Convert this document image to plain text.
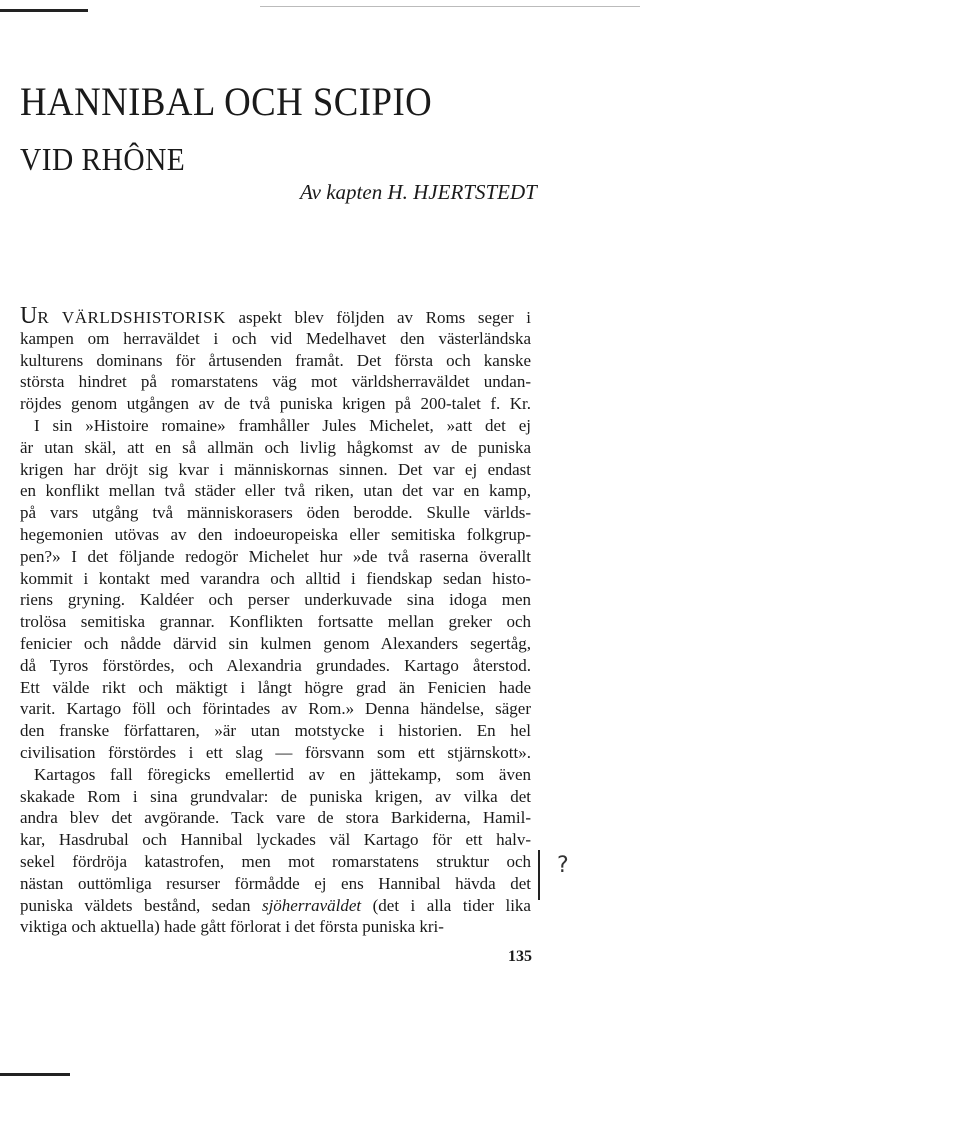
HANNIBAL OCH SCIPIO
VID RHÔNE
Av kapten H. HJERTSTEDT
UR VÄRLDSHISTORISK aspekt blev följden av Roms seger i
kampen om herraväldet i och vid Medelhavet den västerländska
kulturens dominans för årtusenden framåt. Det första och kanske
största hindret på romarstatens väg mot världsherraväldet undan-
röjdes genom utgången av de två puniska krigen på 200-talet f. Kr.
I sin »Histoire romaine» framhåller Jules Michelet, »att det ej
är utan skäl, att en så allmän och livlig hågkomst av de puniska
krigen har dröjt sig kvar i människornas sinnen. Det var ej endast
en konflikt mellan två städer eller två riken, utan det var en kamp,
på vars utgång två människorasers öden berodde. Skulle världs-
hegemonien utövas av den indoeuropeiska eller semitiska folkgrup-
pen?» I det följande redogör Michelet hur »de två raserna överallt
kommit i kontakt med varandra och alltid i fiendskap sedan histo-
riens gryning. Kaldéer och perser underkuvade sina idoga men
trolösa semitiska grannar. Konflikten fortsatte mellan greker och
fenicier och nådde därvid sin kulmen genom Alexanders segertåg,
då Tyros förstördes, och Alexandria grundades. Kartago återstod.
Ett välde rikt och mäktigt i långt högre grad än Fenicien hade
varit. Kartago föll och förintades av Rom.» Denna händelse, säger
den franske författaren, »är utan motstycke i historien. En hel
civilisation förstördes i ett slag — försvann som ett stjärnskott».
Kartagos fall föregicks emellertid av en jättekamp, som även
skakade Rom i sina grundvalar: de puniska krigen, av vilka det
andra blev det avgörande. Tack vare de stora Barkiderna, Hamil-
kar, Hasdrubal och Hannibal lyckades väl Kartago för ett halv-
sekel fördröja katastrofen, men mot romarstatens struktur och
nästan outtömliga resurser förmådde ej ens Hannibal hävda det
puniska väldets bestånd, sedan sjöherraväldet (det i alla tider lika
viktiga och aktuella) hade gått förlorat i det första puniska kri-
?
135
